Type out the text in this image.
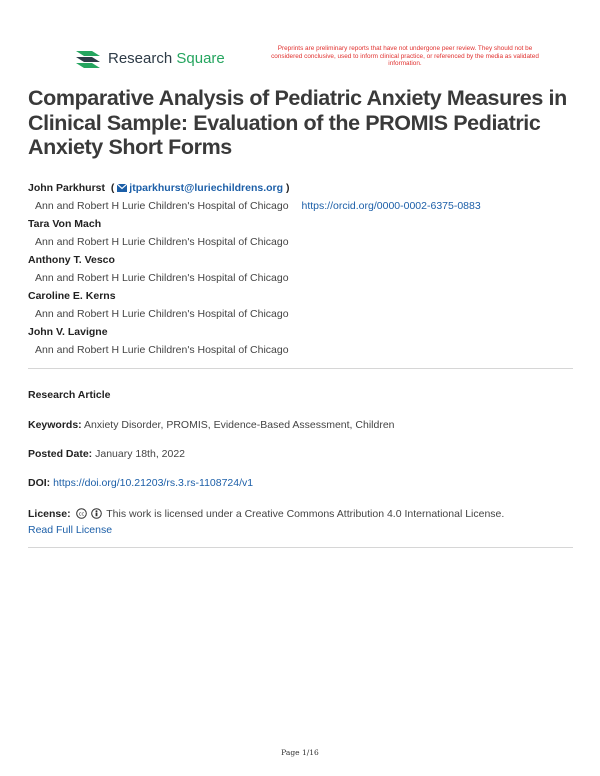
Research Square
Preprints are preliminary reports that have not undergone peer review. They should not be considered conclusive, used to inform clinical practice, or referenced by the media as validated information.
Comparative Analysis of Pediatric Anxiety Measures in Clinical Sample: Evaluation of the PROMIS Pediatric Anxiety Short Forms
John Parkhurst  ( jtparkhurst@luriechildrens.org )
Ann and Robert H Lurie Children's Hospital of Chicago https://orcid.org/0000-0002-6375-0883
Tara Von Mach
Ann and Robert H Lurie Children's Hospital of Chicago
Anthony T. Vesco
Ann and Robert H Lurie Children's Hospital of Chicago
Caroline E. Kerns
Ann and Robert H Lurie Children's Hospital of Chicago
John V. Lavigne
Ann and Robert H Lurie Children's Hospital of Chicago
Research Article
Keywords: Anxiety Disorder, PROMIS, Evidence-Based Assessment, Children
Posted Date: January 18th, 2022
DOI: https://doi.org/10.21203/rs.3.rs-1108724/v1
License: cc This work is licensed under a Creative Commons Attribution 4.0 International License.
Read Full License
Page 1/16
